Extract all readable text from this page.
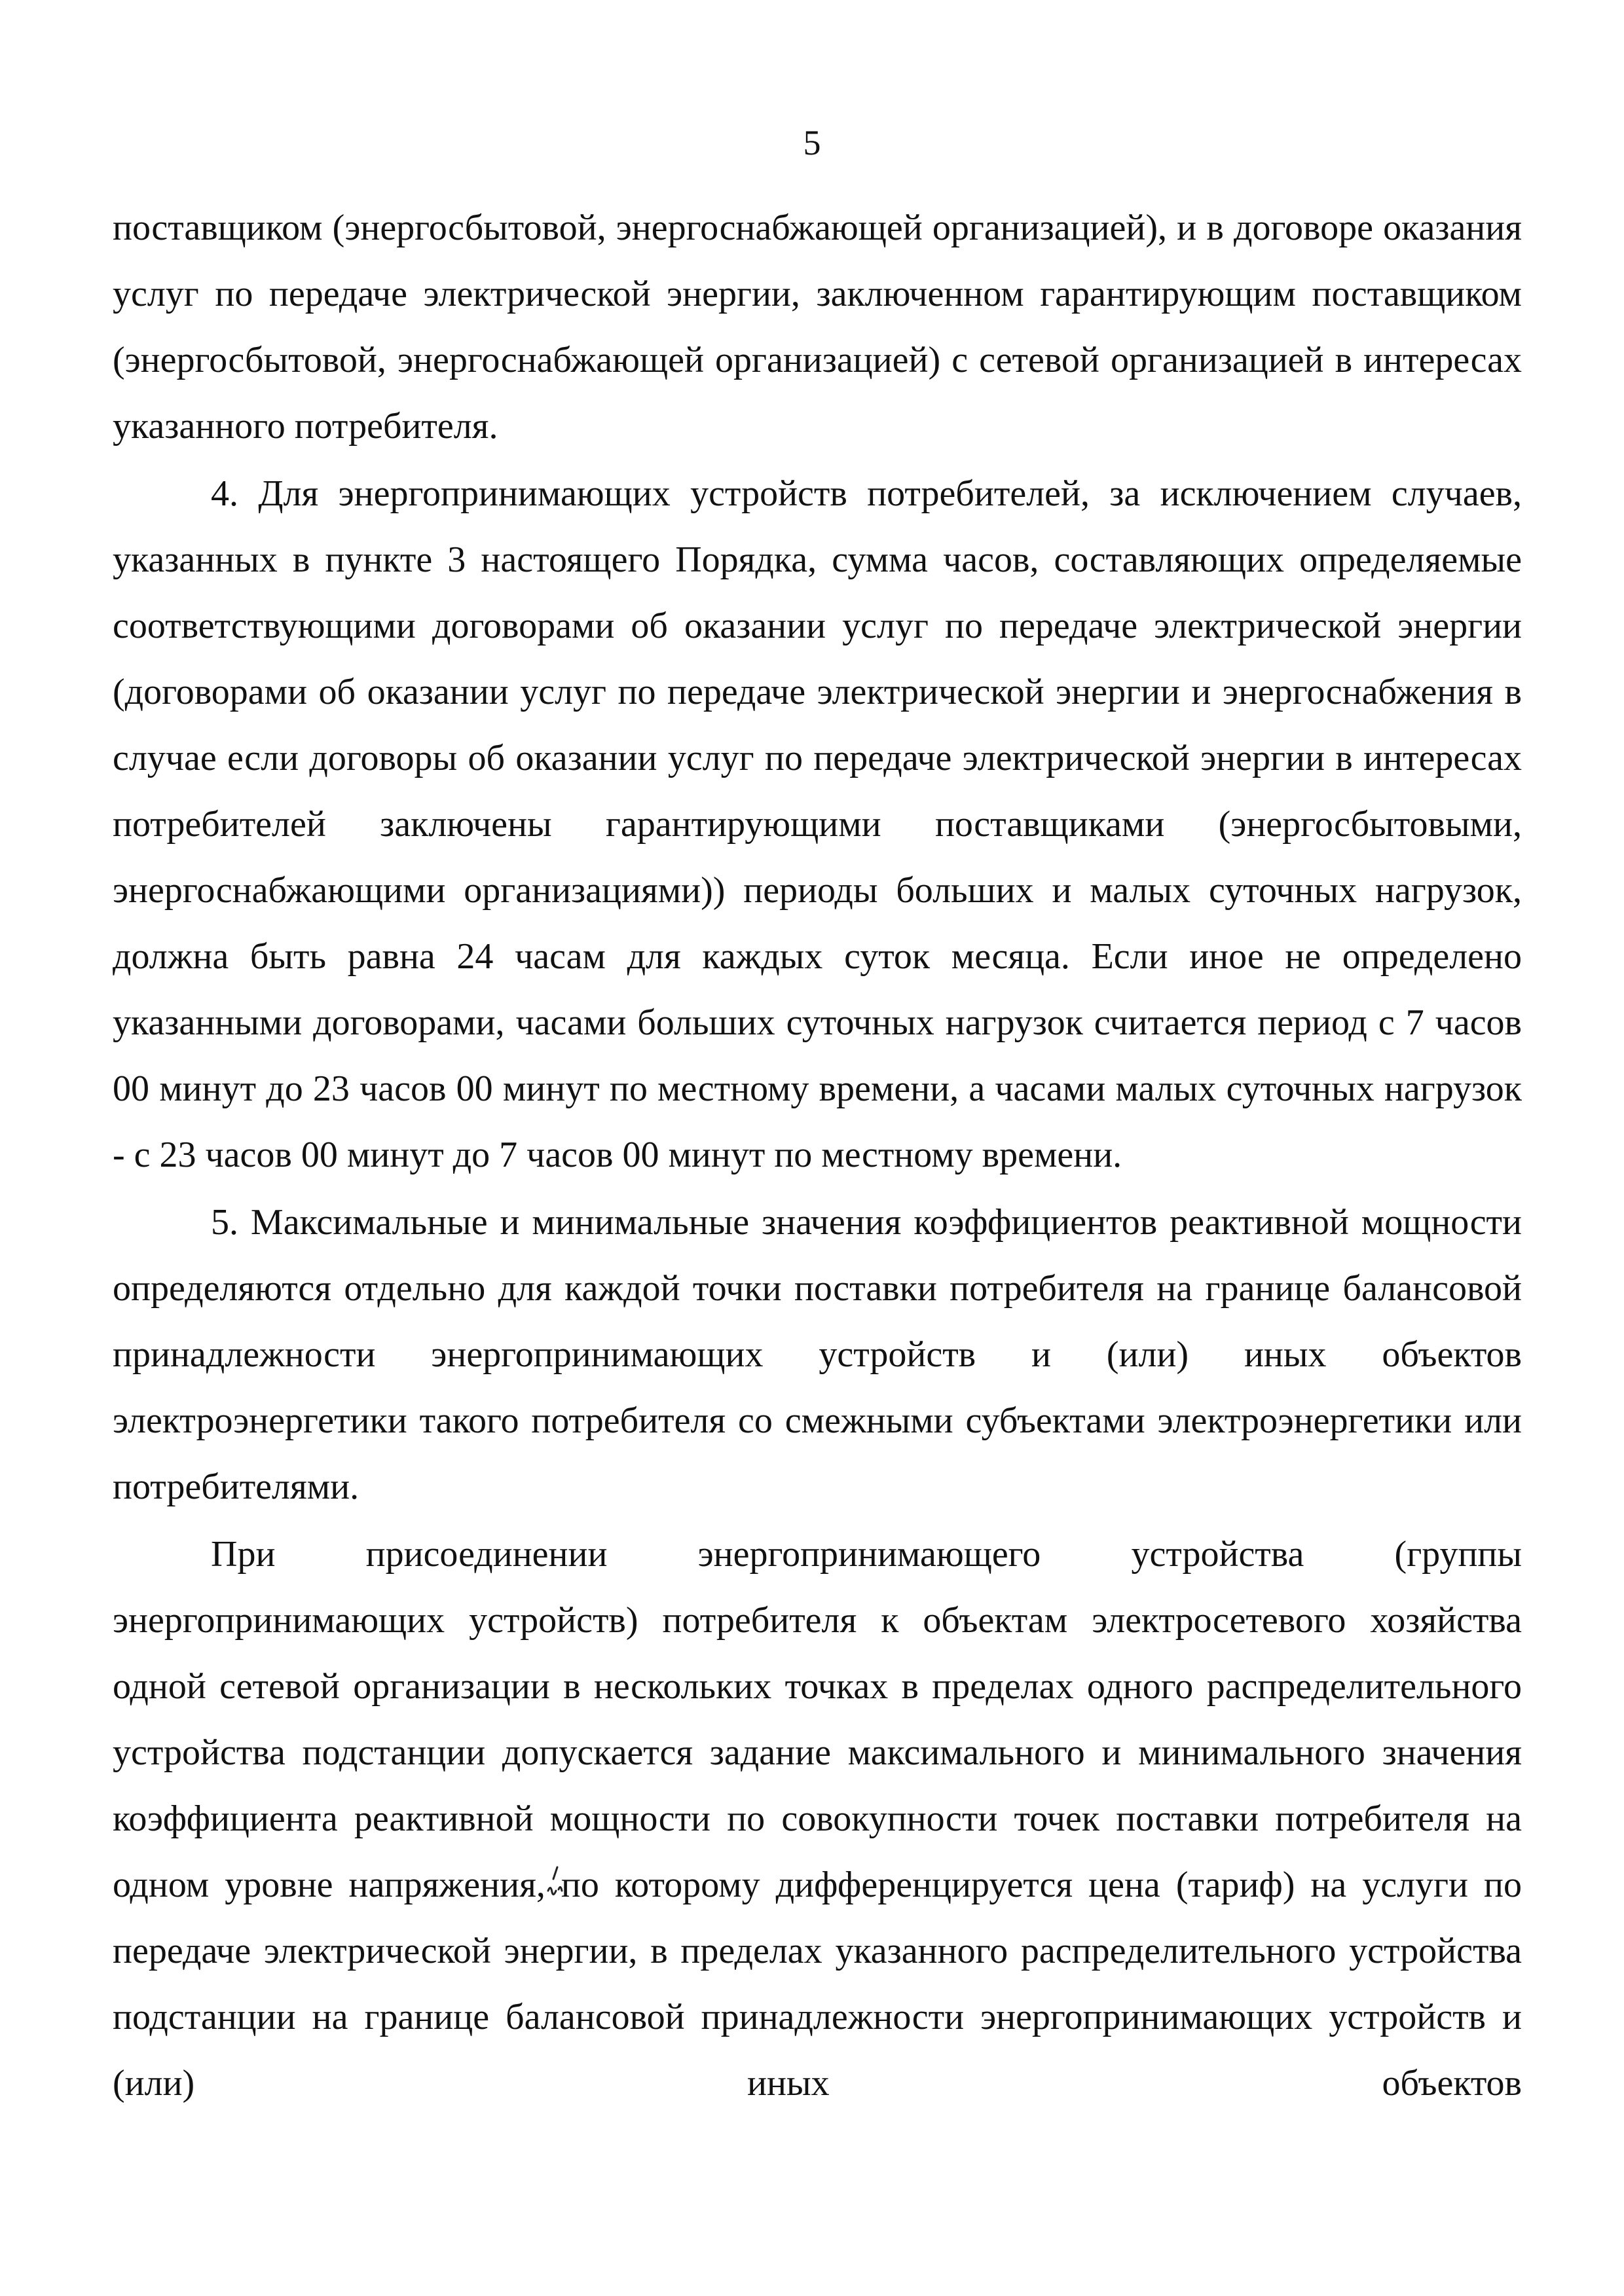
5

поставщиком (энергосбытовой, энергоснабжающей организацией), и в договоре оказания услуг по передаче электрической энергии, заключенном гарантирующим поставщиком (энергосбытовой, энергоснабжающей организацией) с сетевой организацией в интересах указанного потребителя.

4. Для энергопринимающих устройств потребителей, за исключением случаев, указанных в пункте 3 настоящего Порядка, сумма часов, составляющих определяемые соответствующими договорами об оказании услуг по передаче электрической энергии (договорами об оказании услуг по передаче электрической энергии и энергоснабжения в случае если договоры об оказании услуг по передаче электрической энергии в интересах потребителей заключены гарантирующими поставщиками (энергосбытовыми, энергоснабжающими организациями)) периоды больших и малых суточных нагрузок, должна быть равна 24 часам для каждых суток месяца. Если иное не определено указанными договорами, часами больших суточных нагрузок считается период с 7 часов 00 минут до 23 часов 00 минут по местному времени, а часами малых суточных нагрузок - с 23 часов 00 минут до 7 часов 00 минут по местному времени.

5. Максимальные и минимальные значения коэффициентов реактивной мощности определяются отдельно для каждой точки поставки потребителя на границе балансовой принадлежности энергопринимающих устройств и (или) иных объектов электроэнергетики такого потребителя со смежными субъектами электроэнергетики или потребителями.

При присоединении энергопринимающего устройства (группы энергопринимающих устройств) потребителя к объектам электросетевого хозяйства одной сетевой организации в нескольких точках в пределах одного распределительного устройства подстанции допускается задание максимального и минимального значения коэффициента реактивной мощности по совокупности точек поставки потребителя на одном уровне напряжения, по которому дифференцируется цена (тариф) на услуги по передаче электрической энергии, в пределах указанного распределительного устройства подстанции на границе балансовой принадлежности энергопринимающих устройств и (или) иных объектов
